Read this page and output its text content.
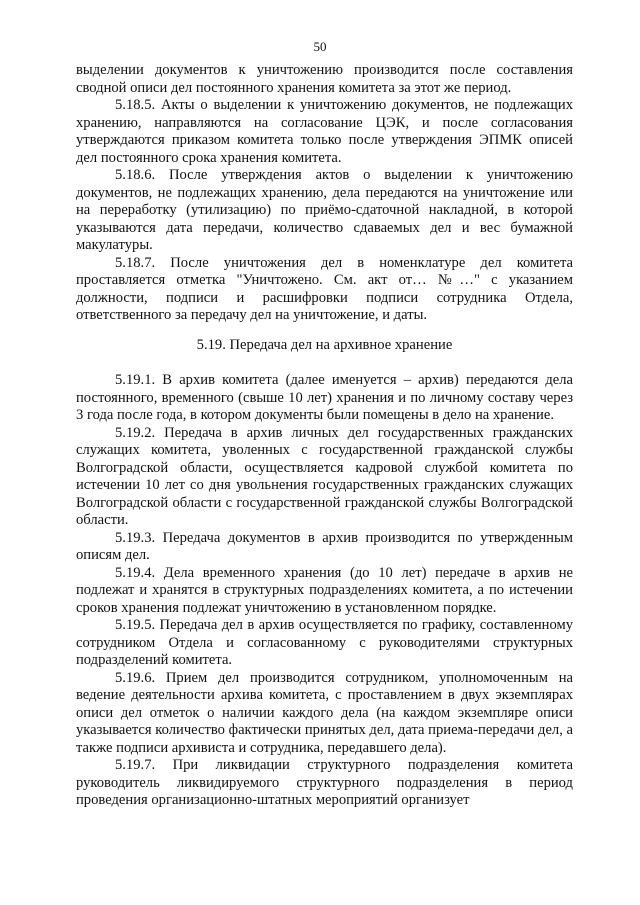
50

выделении документов к уничтожению производится после составления сводной описи дел постоянного хранения комитета за этот же период.

5.18.5. Акты о выделении к уничтожению документов, не подлежащих хранению, направляются на согласование ЦЭК, и после согласования утверждаются приказом комитета только после утверждения ЭПМК описей дел постоянного срока хранения комитета.

5.18.6. После утверждения актов о выделении к уничтожению документов, не подлежащих хранению, дела передаются на уничтожение или на переработку (утилизацию) по приёмо-сдаточной накладной, в которой указываются дата передачи, количество сдаваемых дел и вес бумажной макулатуры.

5.18.7. После уничтожения дел в номенклатуре дел комитета проставляется отметка "Уничтожено. См. акт от… №…" с указанием должности, подписи и расшифровки подписи сотрудника Отдела, ответственного за передачу дел на уничтожение, и даты.

5.19. Передача дел на архивное хранение

5.19.1. В архив комитета (далее именуется – архив) передаются дела постоянного, временного (свыше 10 лет) хранения и по личному составу через 3 года после года, в котором документы были помещены в дело на хранение.

5.19.2. Передача в архив личных дел государственных гражданских служащих комитета, уволенных с государственной гражданской службы Волгоградской области, осуществляется кадровой службой комитета по истечении 10 лет со дня увольнения государственных гражданских служащих Волгоградской области с государственной гражданской службы Волгоградской области.

5.19.3. Передача документов в архив производится по утвержденным описям дел.

5.19.4. Дела временного хранения (до 10 лет) передаче в архив не подлежат и хранятся в структурных подразделениях комитета, а по истечении сроков хранения подлежат уничтожению в установленном порядке.

5.19.5. Передача дел в архив осуществляется по графику, составленному сотрудником Отдела и согласованному с руководителями структурных подразделений комитета.

5.19.6. Прием дел производится сотрудником, уполномоченным на ведение деятельности архива комитета, с проставлением в двух экземплярах описи дел отметок о наличии каждого дела (на каждом экземпляре описи указывается количество фактически принятых дел, дата приема-передачи дел, а также подписи архивиста и сотрудника, передавшего дела).

5.19.7. При ликвидации структурного подразделения комитета руководитель ликвидируемого структурного подразделения в период проведения организационно-штатных мероприятий организует
